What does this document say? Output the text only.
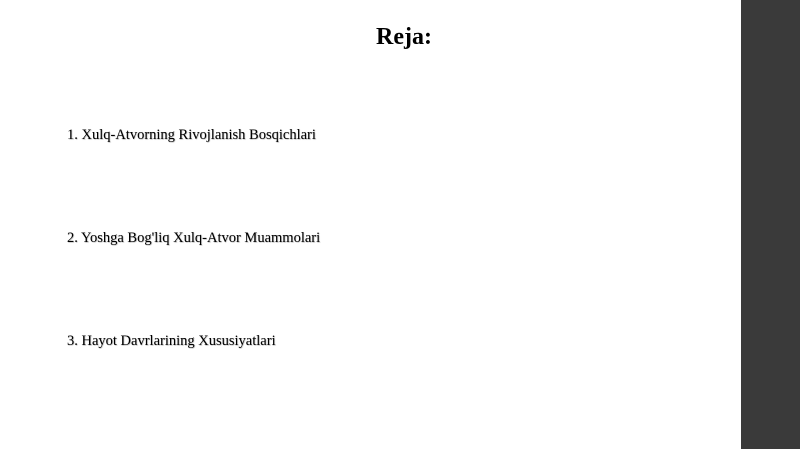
Reja:
1. Xulq-Atvorning Rivojlanish Bosqichlari
2. Yoshga Bog'liq Xulq-Atvor Muammolari
3. Hayot Davrlarining Xususiyatlari
